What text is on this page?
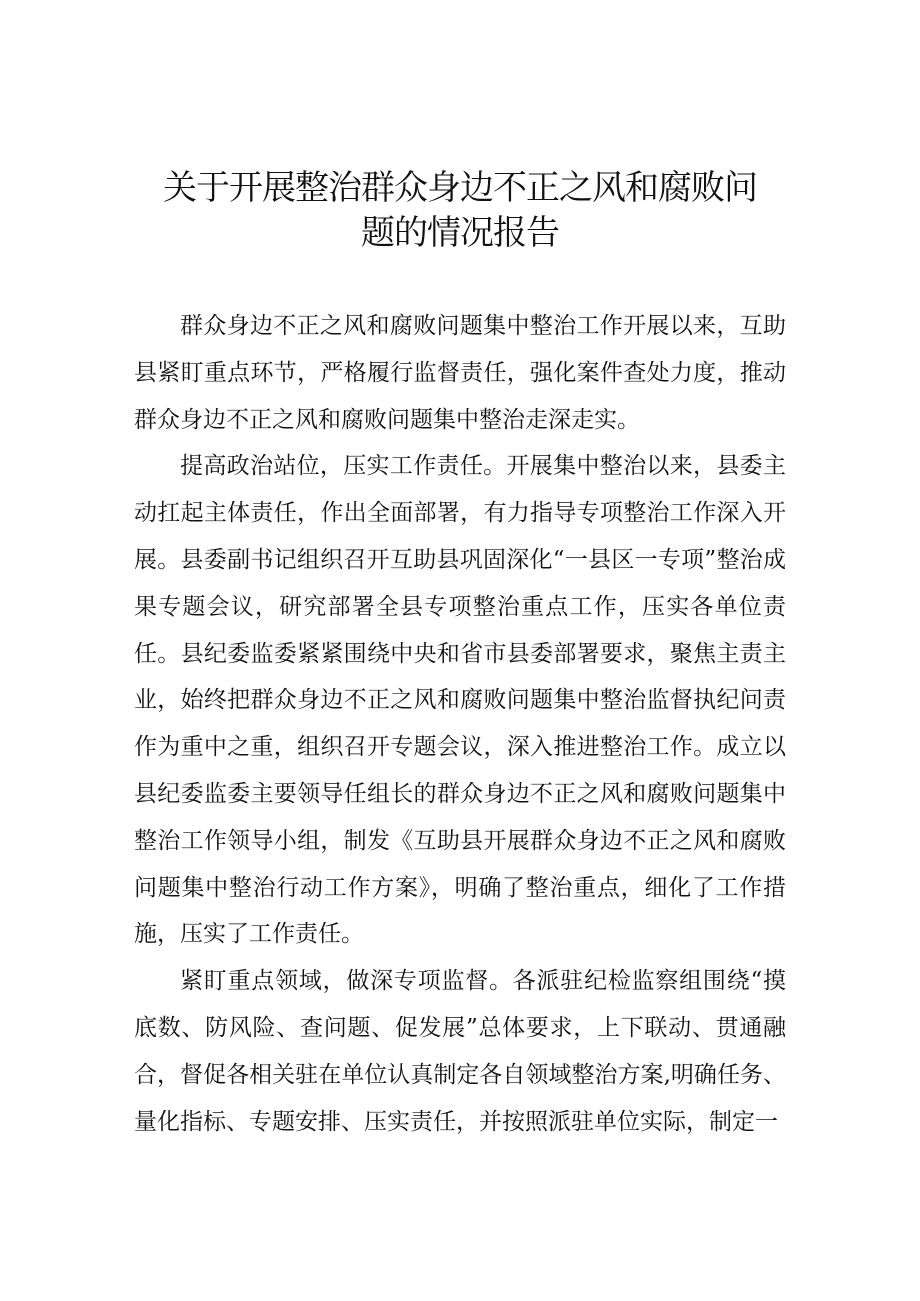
关于开展整治群众身边不正之风和腐败问
题的情况报告

群众身边不正之风和腐败问题集中整治工作开展以来，互助县紧盯重点环节，严格履行监督责任，强化案件查处力度，推动群众身边不正之风和腐败问题集中整治走深走实。

提高政治站位，压实工作责任。开展集中整治以来，县委主动扛起主体责任，作出全面部署，有力指导专项整治工作深入开展。县委副书记组织召开互助县巩固深化“一县区一专项”整治成果专题会议，研究部署全县专项整治重点工作，压实各单位责任。县纪委监委紧紧围绕中央和省市县委部署要求，聚焦主责主业，始终把群众身边不正之风和腐败问题集中整治监督执纪问责作为重中之重，组织召开专题会议，深入推进整治工作。成立以县纪委监委主要领导任组长的群众身边不正之风和腐败问题集中整治工作领导小组，制发《互助县开展群众身边不正之风和腐败问题集中整治行动工作方案》，明确了整治重点，细化了工作措施，压实了工作责任。

紧盯重点领域，做深专项监督。各派驻纪检监察组围绕“摸底数、防风险、查问题、促发展”总体要求，上下联动、贯通融合，督促各相关驻在单位认真制定各自领域整治方案,明确任务、量化指标、专题安排、压实责任，并按照派驻单位实际，制定一
